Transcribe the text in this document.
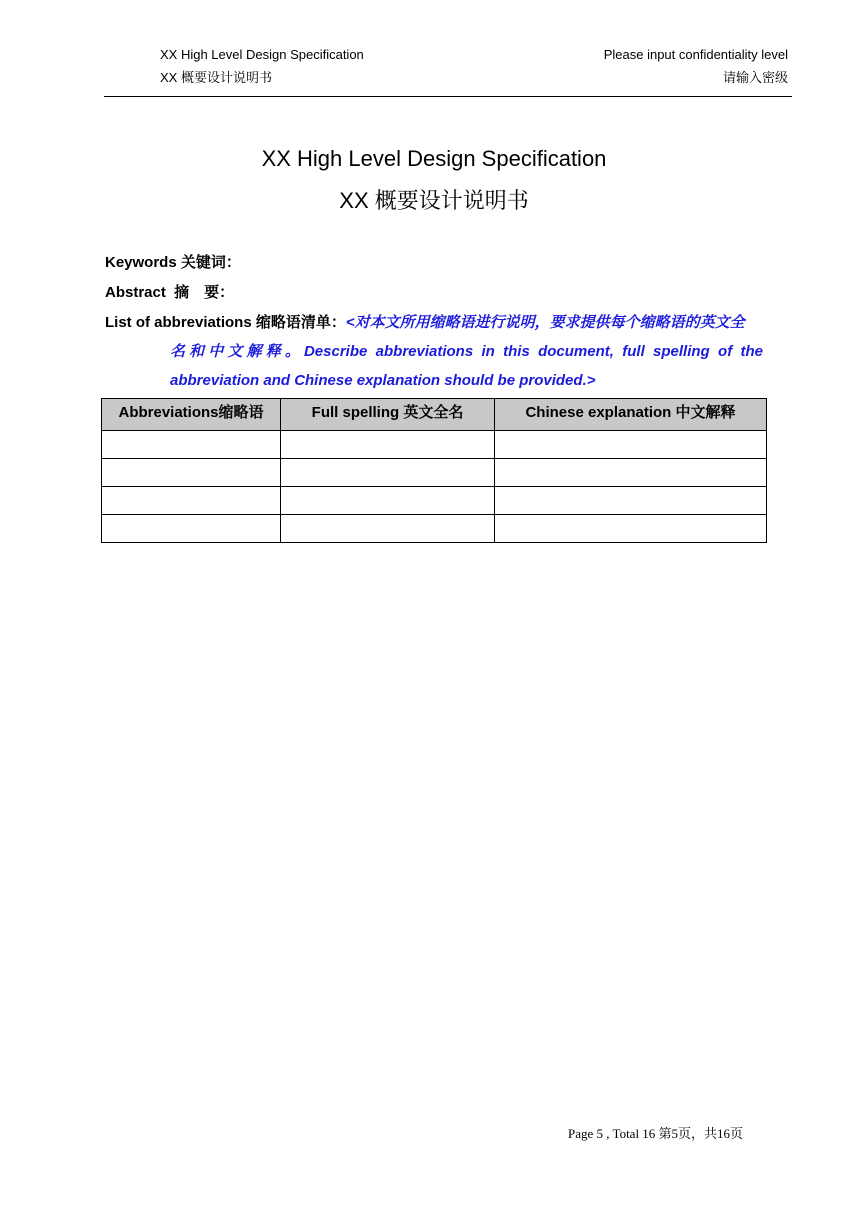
XX High Level Design Specification	Please input confidentiality level
XX 概要设计说明书	请输入密级
XX High Level Design Specification
XX 概要设计说明书
Keywords 关键词：
Abstract  摘　要：
List of abbreviations 缩略语清单：<对本文所用缩略语进行说明，要求提供每个缩略语的英文全
名和中文解释。Describe abbreviations in this document, full spelling of the
abbreviation and Chinese explanation should be provided.>
Abbreviations缩略语	Full spelling 英文全名	Chinese explanation 中文解释

Page 5 , Total 16 第5页，共16页
